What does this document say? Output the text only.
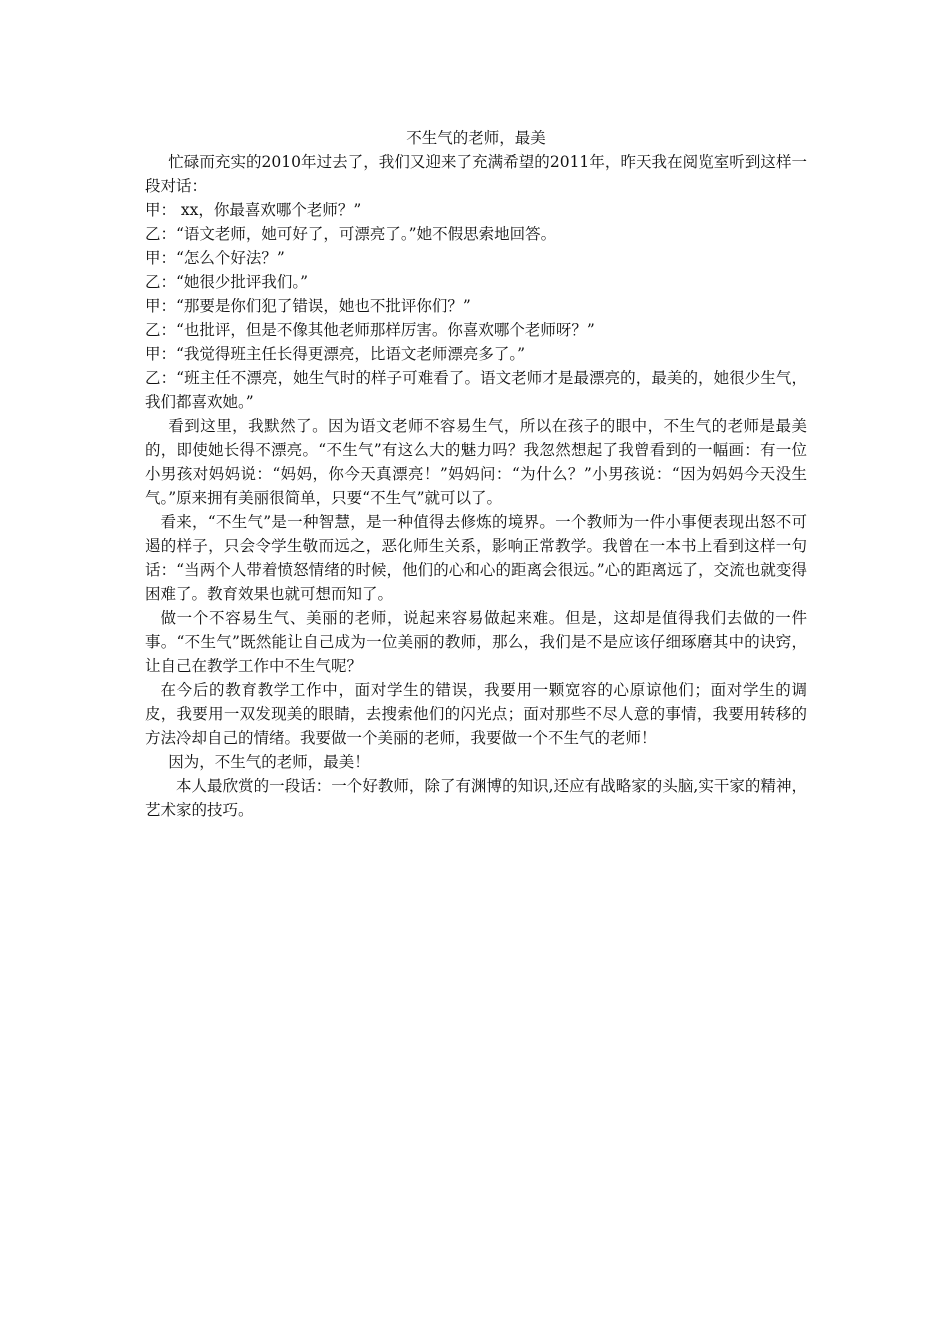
不生气的老师，最美

忙碌而充实的2010年过去了，我们又迎来了充满希望的2011年，昨天我在阅览室听到这样一段对话：

甲： xx，你最喜欢哪个老师？”

乙：“语文老师，她可好了，可漂亮了。”她不假思索地回答。

甲：“怎么个好法？”

乙：“她很少批评我们。”

甲：“那要是你们犯了错误，她也不批评你们？”

乙：“也批评，但是不像其他老师那样厉害。你喜欢哪个老师呀？”

甲：“我觉得班主任长得更漂亮，比语文老师漂亮多了。”

乙：“班主任不漂亮，她生气时的样子可难看了。语文老师才是最漂亮的，最美的，她很少生气，我们都喜欢她。”

看到这里，我默然了。因为语文老师不容易生气，所以在孩子的眼中，不生气的老师是最美的，即使她长得不漂亮。“不生气”有这么大的魅力吗？我忽然想起了我曾看到的一幅画：有一位小男孩对妈妈说：“妈妈，你今天真漂亮！”妈妈问：“为什么？”小男孩说：“因为妈妈今天没生气。”原来拥有美丽很简单，只要“不生气”就可以了。

看来，“不生气”是一种智慧，是一种值得去修炼的境界。一个教师为一件小事便表现出怒不可遏的样子，只会令学生敬而远之，恶化师生关系，影响正常教学。我曾在一本书上看到这样一句话：“当两个人带着愤怒情绪的时候，他们的心和心的距离会很远。”心的距离远了，交流也就变得困难了。教育效果也就可想而知了。

做一个不容易生气、美丽的老师，说起来容易做起来难。但是，这却是值得我们去做的一件事。“不生气”既然能让自己成为一位美丽的教师，那么，我们是不是应该仔细琢磨其中的诀窍，让自己在教学工作中不生气呢？

在今后的教育教学工作中，面对学生的错误，我要用一颗宽容的心原谅他们；面对学生的调皮，我要用一双发现美的眼睛，去搜索他们的闪光点；面对那些不尽人意的事情，我要用转移的方法冷却自己的情绪。我要做一个美丽的老师，我要做一个不生气的老师！

因为，不生气的老师，最美！

本人最欣赏的一段话：一个好教师，除了有渊博的知识,还应有战略家的头脑,实干家的精神，艺术家的技巧。
